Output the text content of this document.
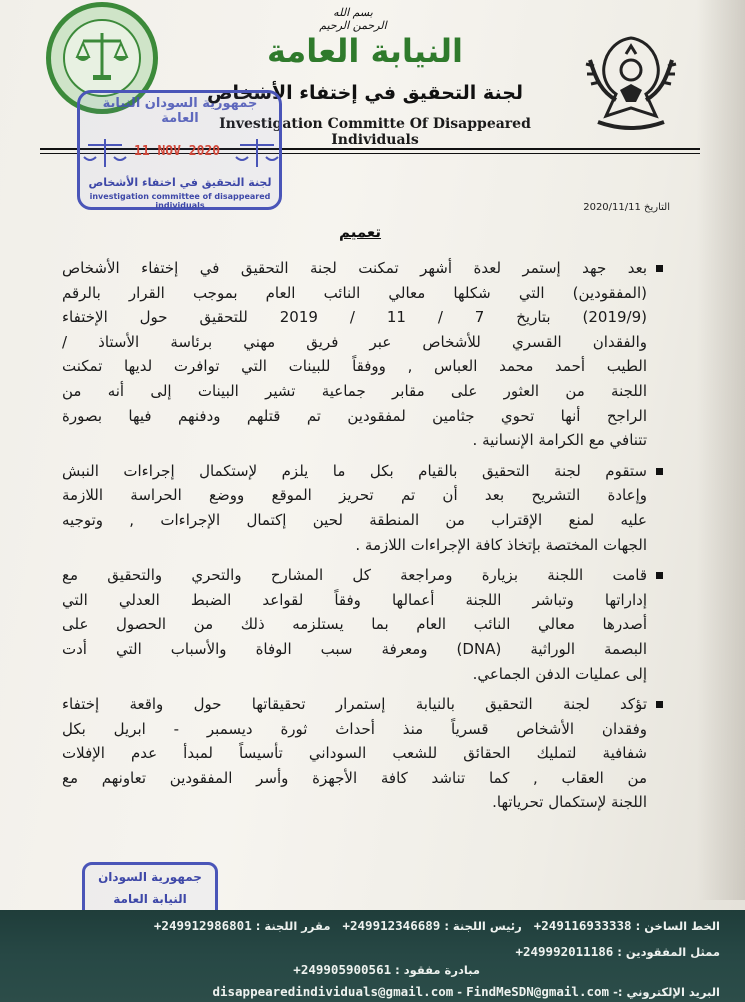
بسم الله الرحمن الرحيم
النيابة العامة
لجنة التحقيق في إختفاء الأشخاص
Investigation Committe Of Disappeared Individuals
جمهورية السودان النيابة العامة
11 NOV 2020
لجنة التحقيق في اختفاء الأشخاص
investigation committee of disappeared individuals	التاريخ 2020/11/11
تعميم
بعد جهد إستمر لعدة أشهر تمكنت لجنة التحقيق في إختفاء الأشخاص
(المفقودين) التي شكلها معالي النائب العام بموجب القرار بالرقم
(2019/9) بتاريخ 7 / 11 / 2019 للتحقيق حول الإختفاء
والفقدان القسري للأشخاص عبر فريق مهني برئاسة الأستاذ /
الطيب أحمد محمد العباس , ووفقاً للبينات التي توافرت لديها تمكنت
اللجنة من العثور على مقابر جماعية تشير البينات إلى أنه من
الراجح أنها تحوي جثامين لمفقودين تم قتلهم ودفنهم فيها بصورة
تتنافي مع الكرامة الإنسانية .
ستقوم لجنة التحقيق بالقيام بكل ما يلزم لإستكمال إجراءات النبش
وإعادة التشريح بعد أن تم تحريز الموقع ووضع الحراسة اللازمة
عليه لمنع الإقتراب من المنطقة لحين إكتمال الإجراءات , وتوجيه
الجهات المختصة بإتخاذ كافة الإجراءات اللازمة .
قامت اللجنة بزيارة ومراجعة كل المشارح والتحري والتحقيق مع
إداراتها وتباشر اللجنة أعمالها وفقاً لقواعد الضبط العدلي التي
أصدرها معالي النائب العام بما يستلزمه ذلك من الحصول على
البصمة الوراثية (DNA) ومعرفة سبب الوفاة والأسباب التي أدت
إلى عمليات الدفن الجماعي.
تؤكد لجنة التحقيق بالنيابة إستمرار تحقيقاتها حول واقعة إختفاء
وفقدان الأشخاص قسرياً منذ أحداث ثورة ديسمبر - ابريل بكل
شفافية لتمليك الحقائق للشعب السوداني تأسيساً لمبدأ عدم الإفلات
من العقاب , كما تناشد كافة الأجهزة وأسر المفقودين تعاونهم مع
اللجنة لإستكمال تحرياتها.
جمهورية السودان
النيابة العامة
الخط الساخن : +249116933338   رئيس اللجنة : +249912346689   مقرر اللجنة : +249912986801
ممثل المفقودين : +249992011186
مبادرة مفقود : +249905900561
البريد الإلكتروني :- disappearedindividuals@gmail.com - FindMeSDN@gmail.com
